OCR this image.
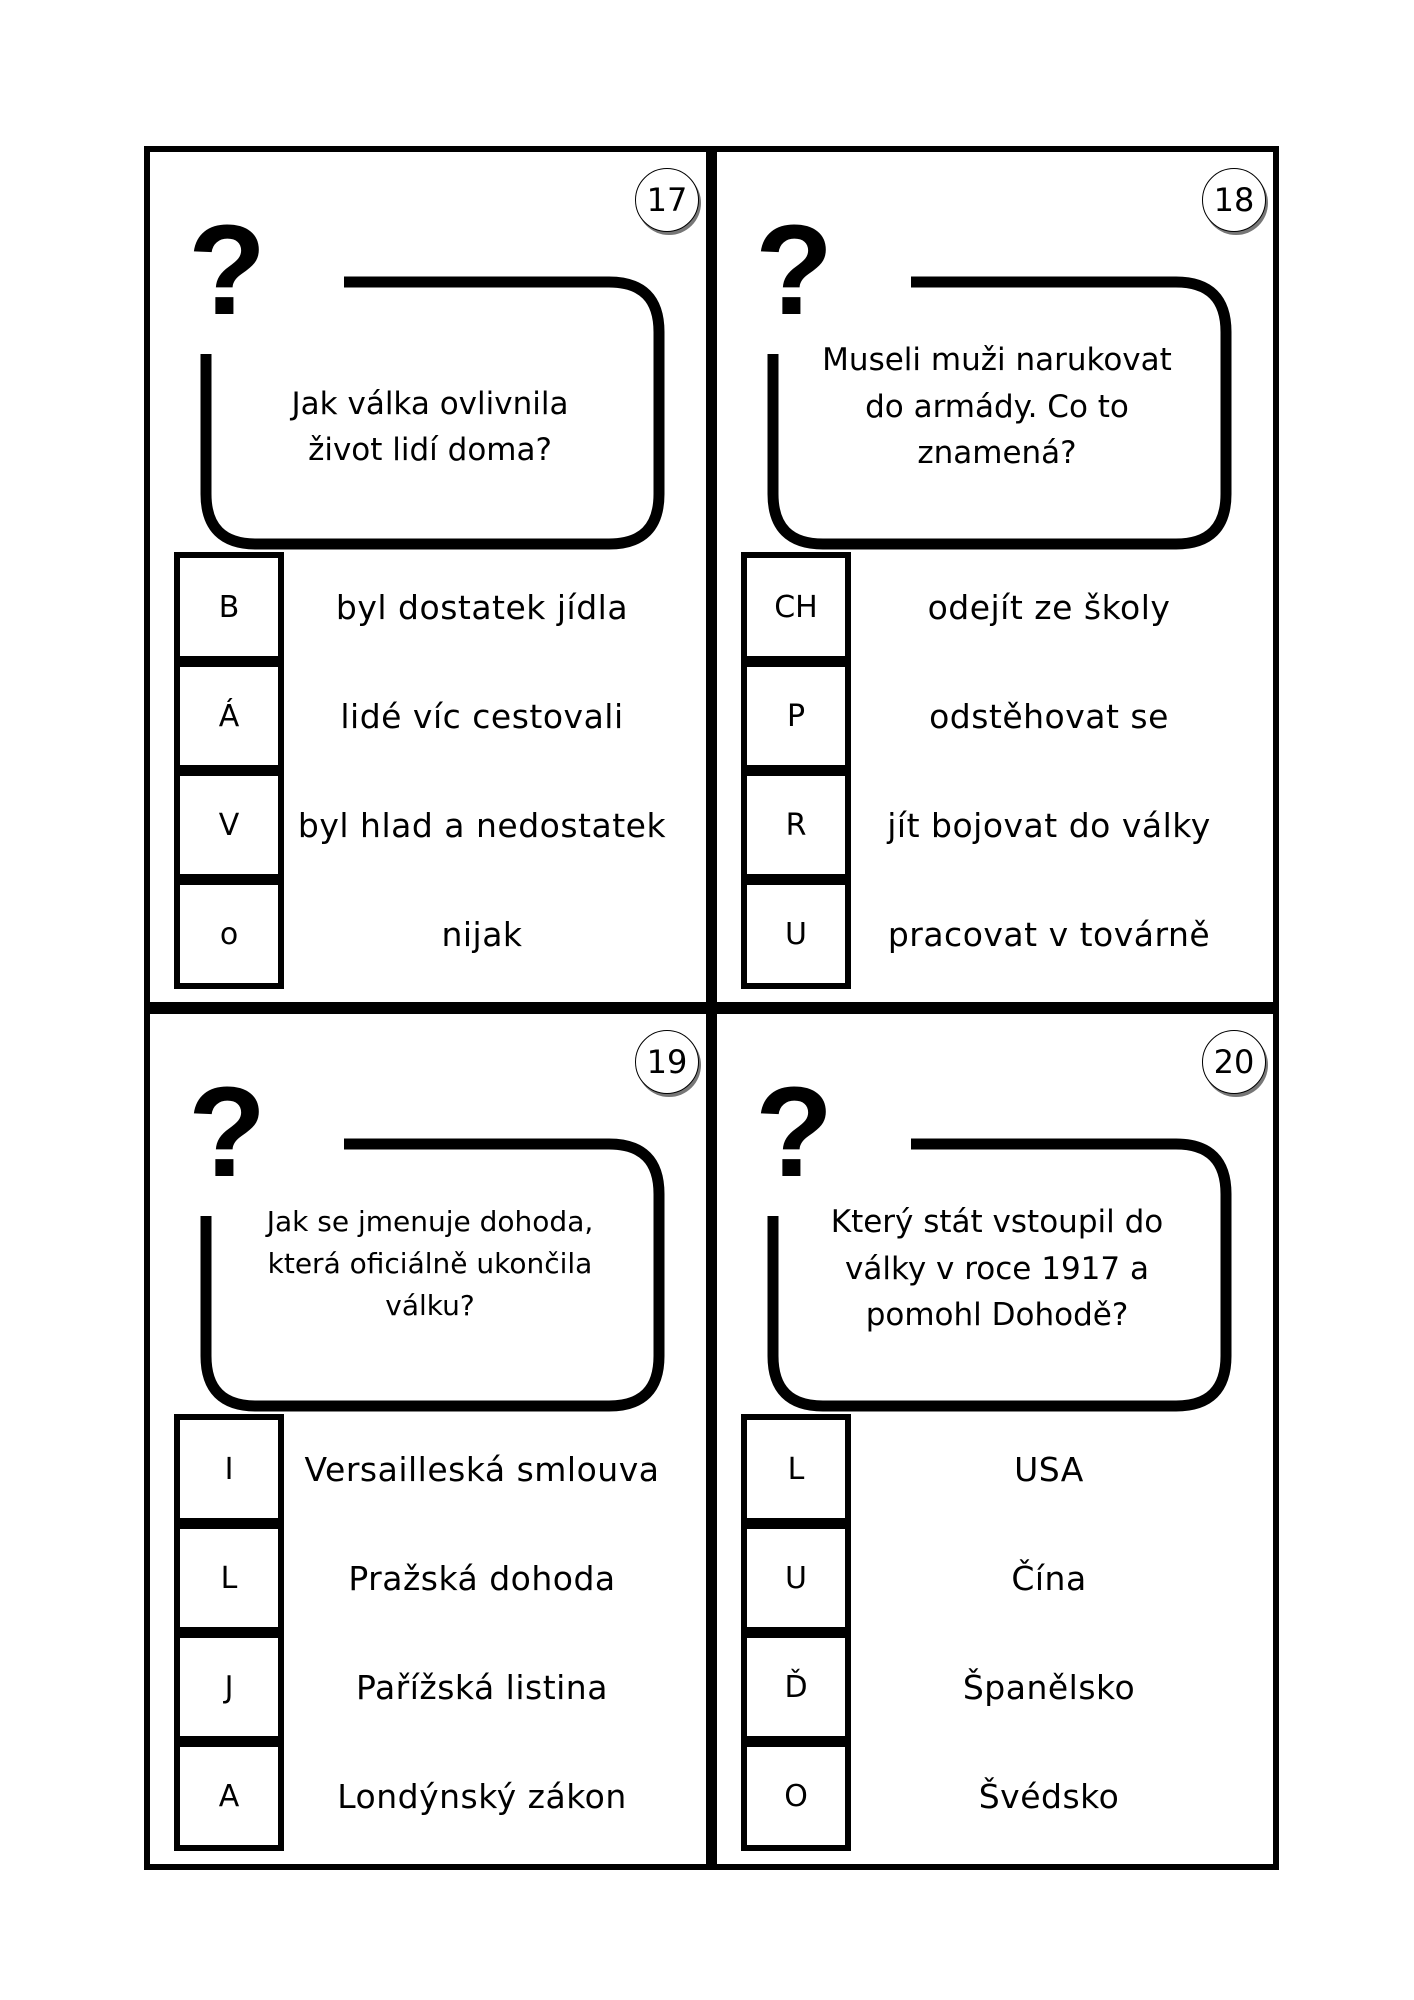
17
?
Jak válka ovlivnila život lidí doma?
B	byl dostatek jídla
Á	lidé víc cestovali
V	byl hlad a nedostatek
o	nijak
18
?
Museli muži narukovat do armády. Co to znamená?
CH	odejít ze školy
P	odstěhovat se
R	jít bojovat do války
U	pracovat v továrně
19
?
Jak se jmenuje dohoda, která oficiálně ukončila válku?
I	Versailleská smlouva
L	Pražská dohoda
J	Pařížská listina
A	Londýnský zákon
20
?
Který stát vstoupil do války v roce 1917 a pomohl Dohodě?
L	USA
U	Čína
Ď	Španělsko
O	Švédsko
